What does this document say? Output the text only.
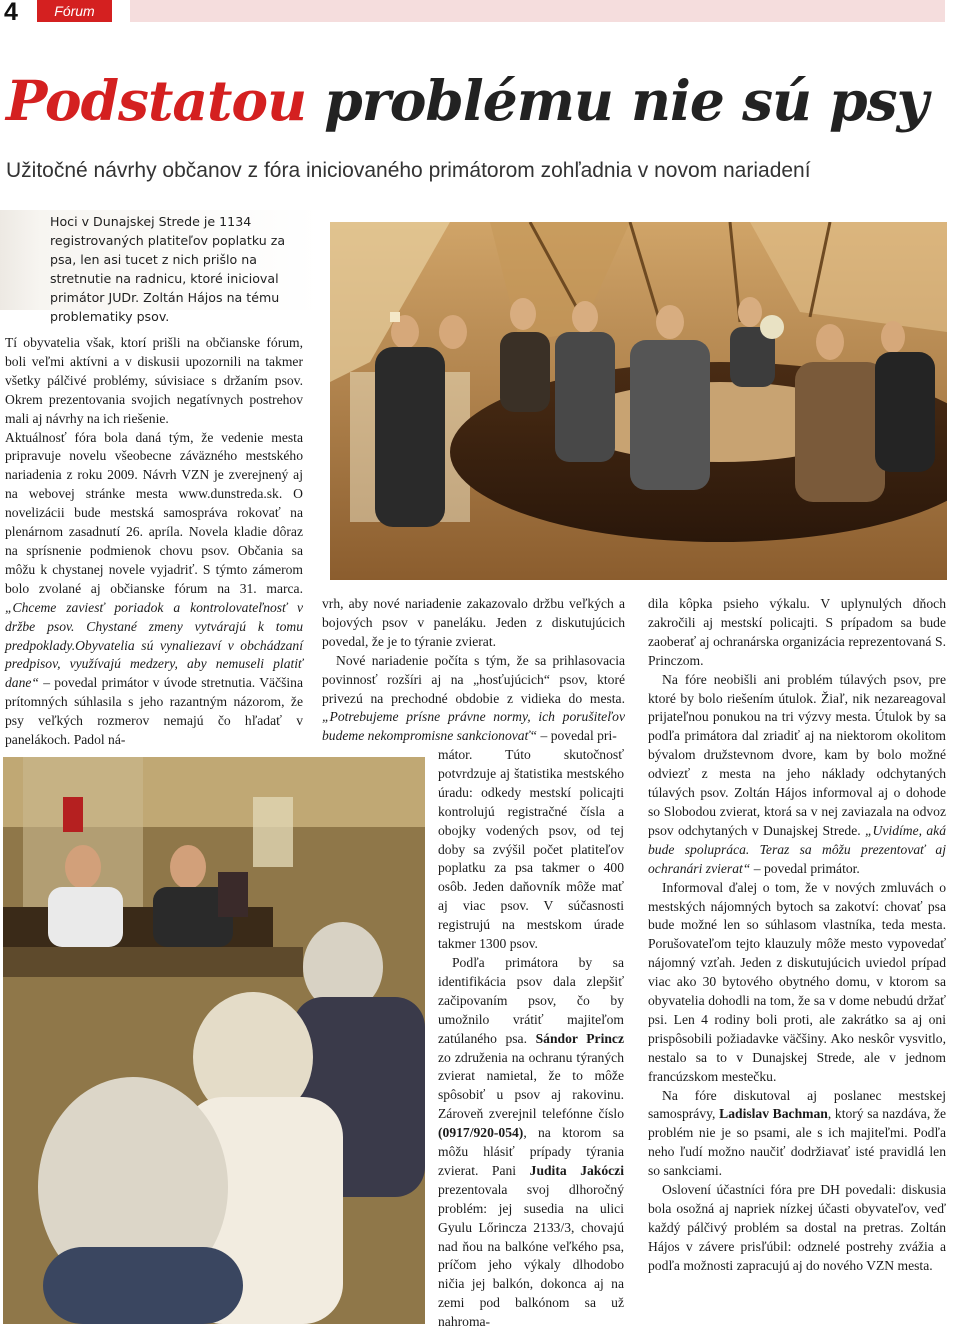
4	Fórum
Podstatou problému nie sú psy
Užitočné návrhy občanov z fóra iniciovaného primátorom zohľadnia v novom nariadení
Hoci v Dunajskej Strede je 1134 registrovaných platiteľov poplatku za psa, len asi tucet z nich prišlo na stretnutie na radnicu, ktoré inicioval primátor JUDr. Zoltán Hájos na tému problematiky psov.

Tí obyvatelia však, ktorí prišli na občianske fórum, boli veľmi aktívni a v diskusii upozornili na takmer všetky pálčivé problémy, súvisiace s držaním psov. Okrem prezentovania svojich negatívnych postrehov mali aj návrhy na ich riešenie.

Aktuálnosť fóra bola daná tým, že vedenie mesta pripravuje novelu všeobecne záväzného mestského nariadenia z roku 2009. Návrh VZN je zverejnený aj na webovej stránke mesta www.dunstreda.sk. O novelizácii bude mestská samospráva rokovať na plenárnom zasadnutí 26. apríla. Novela kladie dôraz na sprísnenie podmienok chovu psov. Občania sa môžu k chystanej novele vyjadriť. S týmto zámerom bolo zvolané aj občianske fórum na 31. marca. „Chceme zaviesť poriadok a kontrolovateľnosť v držbe psov. Chystané zmeny vytvárajú k tomu predpoklady.Obyvatelia sú vynaliezaví v obchádzaní predpisov, využívajú medzery, aby nemuseli platiť dane“ – povedal primátor v úvode stretnutia. Väčšina prítomných súhlasila s jeho razantným názorom, že psy veľkých rozmerov nemajú čo hľadať v panelákoch. Padol ná-

vrh, aby nové nariadenie zakazovalo držbu veľkých a bojových psov v paneláku. Jeden z diskutujúcich povedal, že je to týranie zvierat.

Nové nariadenie počíta s tým, že sa prihlasovacia povinnosť rozšíri aj na „hosťujúcich“ psov, ktoré privezú na prechodné obdobie z vidieka do mesta. „Potrebujeme prísne právne normy, ich porušiteľov budeme nekompromisne sankcionovať“ – povedal pri-

mátor. Túto skutočnosť potvrdzuje aj štatistika mestského úradu: odkedy mestskí policajti kontrolujú registračné čísla a obojky vodených psov, od tej doby sa zvýšil počet platiteľov poplatku za psa takmer o 400 osôb. Jeden daňovník môže mať aj viac psov. V súčasnosti registrujú na mestskom úrade takmer 1300 psov.

Podľa primátora by sa identifikácia psov dala zlepšiť začipovaním psov, čo by umožnilo vrátiť majiteľom zatúlaného psa. Sándor Princz zo združenia na ochranu týraných zvierat namietal, že to môže spôsobiť u psov aj rakovinu. Zároveň zverejnil telefónne číslo (0917/920-054), na ktorom sa môžu hlásiť prípady týrania zvierat. Pani Judita Jakóczi prezentovala svoj dlhoročný problém: jej susedia na ulici Gyulu Lőrincza 2133/3, chovajú nad ňou na balkóne veľkého psa, príčom jeho výkaly dlhodobo ničia jej balkón, dokonca aj na zemi pod balkónom sa už nahroma-

dila kôpka psieho výkalu. V uplynulých dňoch zakročili aj mestskí policajti. S prípadom sa bude zaoberať aj ochranárska organizácia reprezentovaná S. Princzom.

Na fóre neobišli ani problém túlavých psov, pre ktoré by bolo riešením útulok. Žiaľ, nik nezareagoval prijateľnou ponukou na tri výzvy mesta. Útulok by sa podľa primátora dal zriadiť aj na niektorom okolitom bývalom družstevnom dvore, kam by bolo možné odviezť z mesta na jeho náklady odchytaných túlavých psov. Zoltán Hájos informoval aj o dohode so Slobodou zvierat, ktorá sa v nej zaviazala na odvoz psov odchytaných v Dunajskej Strede. „Uvidíme, aká bude spolupráca. Teraz sa môžu prezentovať aj ochranári zvierat“ – povedal primátor.

Informoval ďalej o tom, že v nových zmluvách o mestských nájomných bytoch sa zakotví: chovať psa bude možné len so súhlasom vlastníka, teda mesta. Porušovateľom tejto klauzuly môže mesto vypovedať nájomný vzťah. Jeden z diskutujúcich uviedol prípad viac ako 30 bytového obytného domu, v ktorom sa obyvatelia dohodli na tom, že sa v dome nebudú držať psi. Len 4 rodiny boli proti, ale zakrátko sa aj oni prispôsobili požiadavke väčšiny. Ako neskôr vysvitlo, nestalo sa to v Dunajskej Strede, ale v jednom francúzskom mestečku.

Na fóre diskutoval aj poslanec mestskej samosprávy, Ladislav Bachman, ktorý sa nazdáva, že problém nie je so psami, ale s ich majiteľmi. Podľa neho ľudí možno naučiť dodržiavať isté pravidlá len so sankciami.

Oslovení účastníci fóra pre DH povedali: diskusia bola osožná aj napriek nízkej účasti obyvateľov, veď každý pálčivý problém sa dostal na pretras. Zoltán Hájos v závere prisľúbil: odznelé postrehy zvážia a podľa možnosti zapracujú aj do nového VZN mesta.
